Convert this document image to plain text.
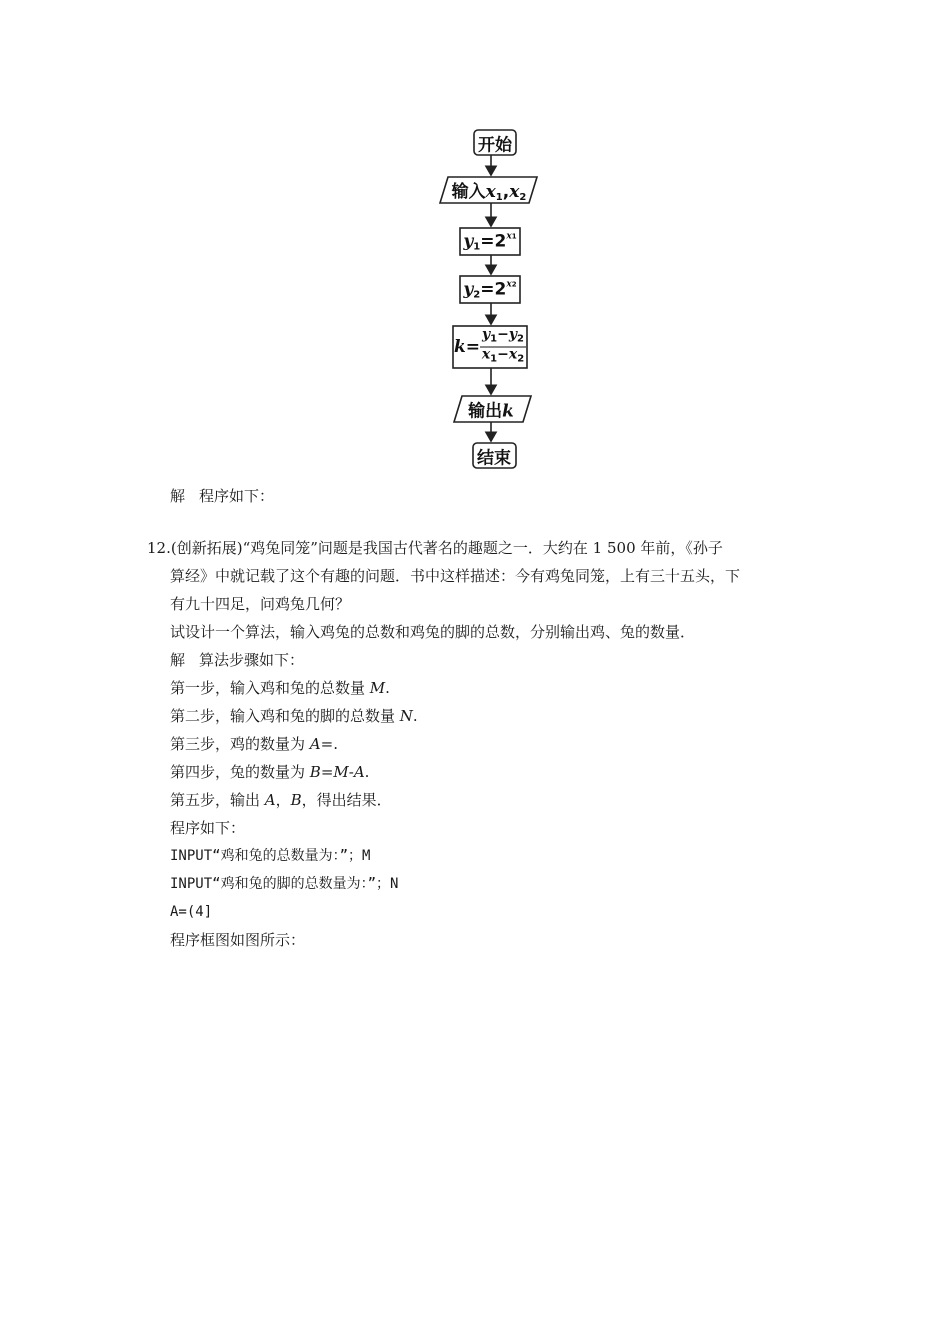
开始
输入$x_1,x_2$
$y_1=2^{x1}$
$y_2=2^{x2}$
$k= \frac{y_1-y_2}{x_1-x_2}$
输出k
结束
解 程序如下：
12.(创新拓展)“鸡兔同笼”问题是我国古代著名的趣题之一．大约在 1 500 年前，《孙子
算经》中就记载了这个有趣的问题．书中这样描述：今有鸡兔同笼，上有三十五头，下
有九十四足，问鸡兔几何？
试设计一个算法，输入鸡兔的总数和鸡兔的脚的总数，分别输出鸡、兔的数量．
解 算法步骤如下：
第一步，输入鸡和兔的总数量 M.
第二步，输入鸡和兔的脚的总数量 N.
第三步，鸡的数量为 A=.
第四步，兔的数量为 B=M-A.
第五步，输出 A，B，得出结果．
程序如下：
INPUT“鸡和兔的总数量为：”；M
INPUT“鸡和兔的脚的总数量为：”；N
A=(4]
程序框图如图所示：
